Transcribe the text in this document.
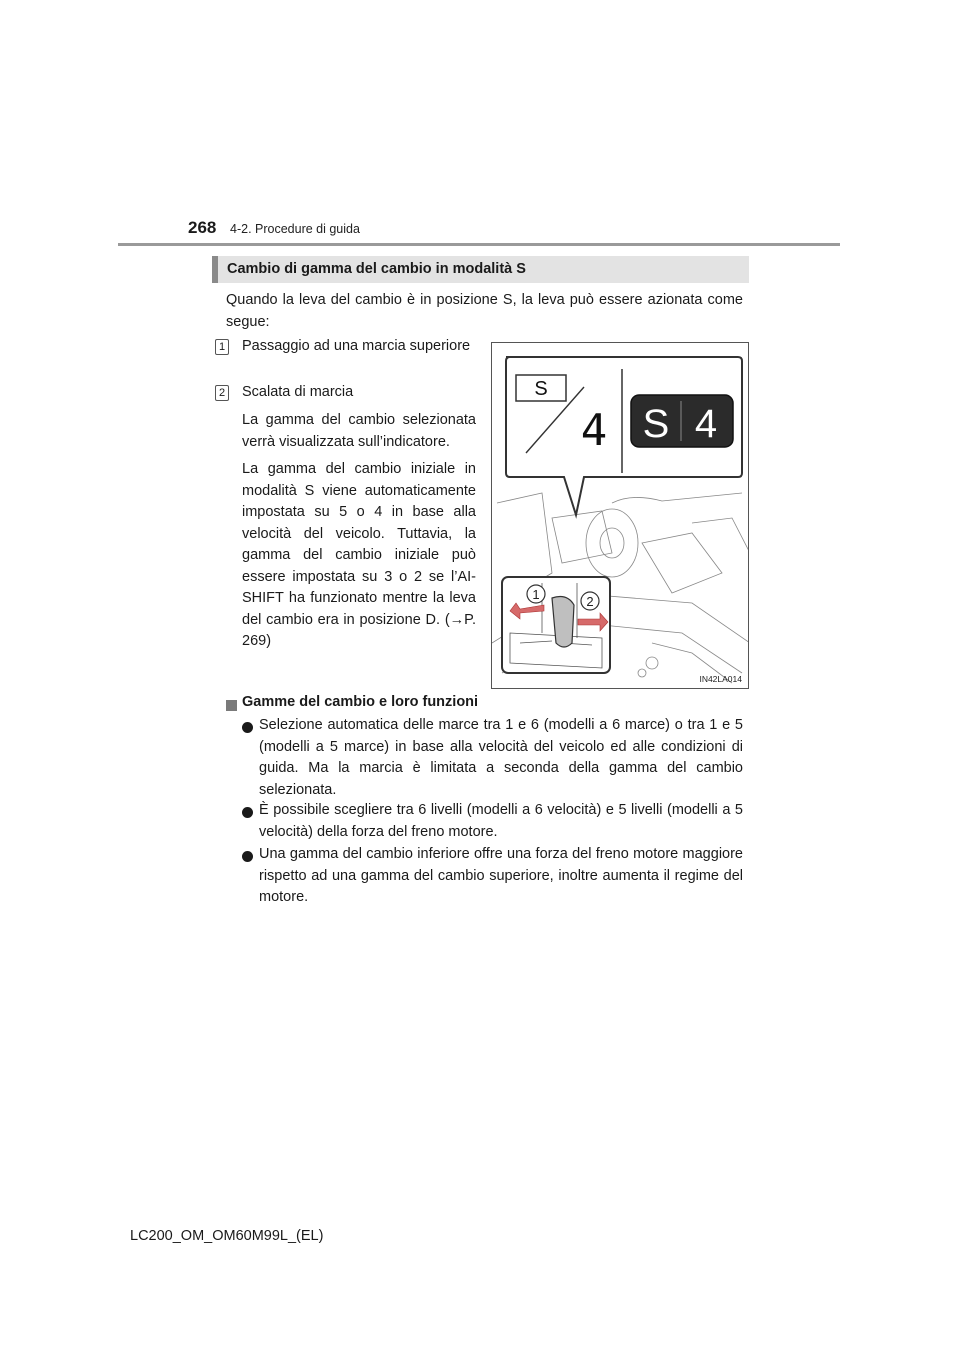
268 4-2. Procedure di guida
Cambio di gamma del cambio in modalità S

Quando la leva del cambio è in posizione S, la leva può essere azionata come segue:

1 Passaggio ad una marcia superiore

2 Scalata di marcia

La gamma del cambio selezionata verrà visualizzata sull’indicatore.

La gamma del cambio iniziale in modalità S viene automaticamente impostata su 5 o 4 in base alla velocità del veicolo. Tuttavia, la gamma del cambio iniziale può essere impostata su 3 o 2 se l’AI-SHIFT ha funzionato mentre la leva del cambio era in posizione D. (→P. 269)

1	2
S
4 S 4
IN42LA014
Gamme del cambio e loro funzioni

Selezione automatica delle marce tra 1 e 6 (modelli a 6 marce) o tra 1 e 5 (modelli a 5 marce) in base alla velocità del veicolo ed alle condizioni di guida. Ma la marcia è limitata a seconda della gamma del cambio selezionata.

È possibile scegliere tra 6 livelli (modelli a 6 velocità) e 5 livelli (modelli a 5 velocità) della forza del freno motore.

Una gamma del cambio inferiore offre una forza del freno motore maggiore rispetto ad una gamma del cambio superiore, inoltre aumenta il regime del motore.

LC200_OM_OM60M99L_(EL)
